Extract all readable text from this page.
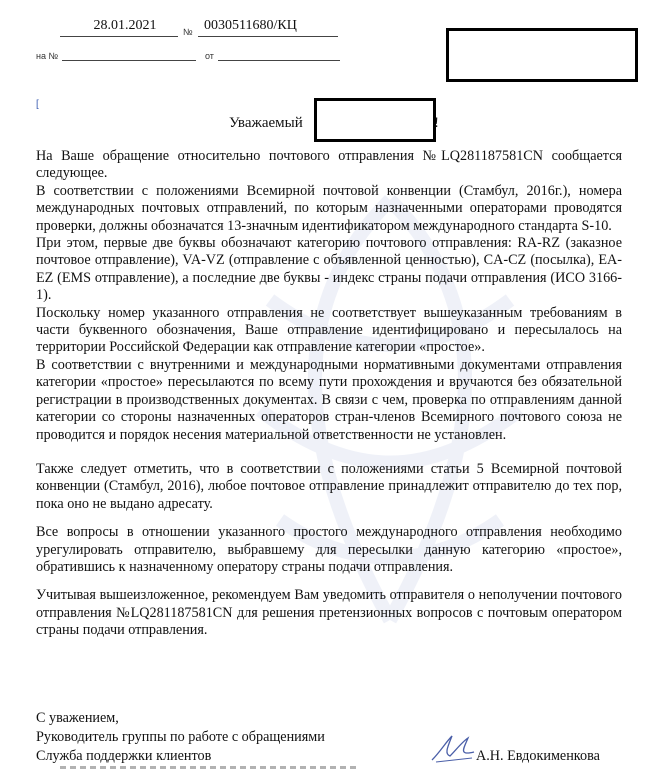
28.01.2021	№ 0030511680/КЦ
на №	от
[
Уважаемый	!

На Ваше обращение относительно почтового отправления №LQ281187581CN сообщается следующее.

В соответствии с положениями Всемирной почтовой конвенции (Стамбул, 2016г.), номера международных почтовых отправлений, по которым назначенными операторами проводятся проверки, должны обозначатся 13-значным идентификатором международного стандарта S-10.

При этом, первые две буквы обозначают категорию почтового отправления: RA-RZ (заказное почтовое отправление), VA-VZ (отправление с объявленной ценностью), CA-CZ (посылка), EA-EZ (EMS отправление), а последние две буквы - индекс страны подачи отправления (ИСО 3166-1).

Поскольку номер указанного отправления не соответствует вышеуказанным требованиям в части буквенного обозначения, Ваше отправление идентифицировано и пересылалось на территории Российской Федерации как отправление категории «простое».

В соответствии с внутренними и международными нормативными документами отправления категории «простое» пересылаются по всему пути прохождения и вручаются без обязательной регистрации в производственных документах. В связи с чем, проверка по отправлениям данной категории со стороны назначенных операторов стран-членов Всемирного почтового союза не проводится и порядок несения материальной ответственности не установлен.

Также следует отметить, что в соответствии с положениями статьи 5 Всемирной почтовой конвенции (Стамбул, 2016), любое почтовое отправление принадлежит отправителю до тех пор, пока оно не выдано адресату.

Все вопросы в отношении указанного простого международного отправления необходимо урегулировать отправителю, выбравшему для пересылки данную категорию «простое», обратившись к назначенному оператору страны подачи отправления.

Учитывая вышеизложенное, рекомендуем Вам уведомить отправителя о неполучении почтового отправления №LQ281187581CN для решения претензионных вопросов с почтовым оператором страны подачи отправления.

С уважением,
Руководитель группы по работе с обращениями
Служба поддержки клиентов	А.Н. Евдокименкова
